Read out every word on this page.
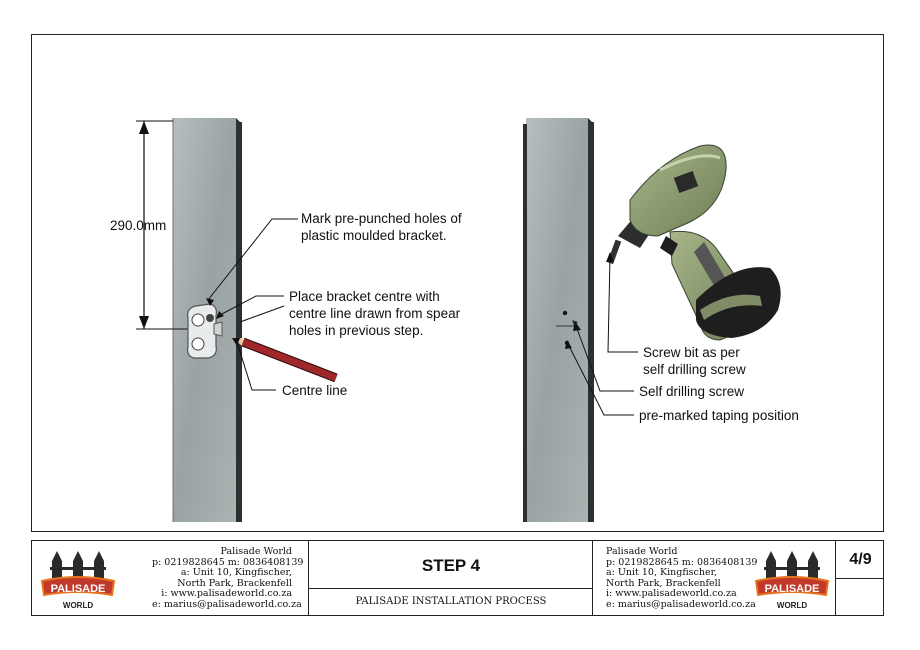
290.0mm	Mark pre-punched holes of
plastic moulded bracket.
Place bracket centre with
centre line drawn from spear
holes in previous step.
Centre line
Screw bit as per
self drilling screw
Self drilling screw
pre-marked taping position
PALISADE
WORLD
Palisade World
p: 0219828645 m: 0836408139
a: Unit 10, Kingfischer,
North Park, Brackenfell
i: www.palisadeworld.co.za
e: marius@palisadeworld.co.za
STEP 4
PALISADE INSTALLATION PROCESS
Palisade World
p: 0219828645 m: 0836408139
a: Unit 10, Kingfischer,
North Park, Brackenfell
i: www.palisadeworld.co.za
e: marius@palisadeworld.co.za
PALISADE
WORLD
4/9
